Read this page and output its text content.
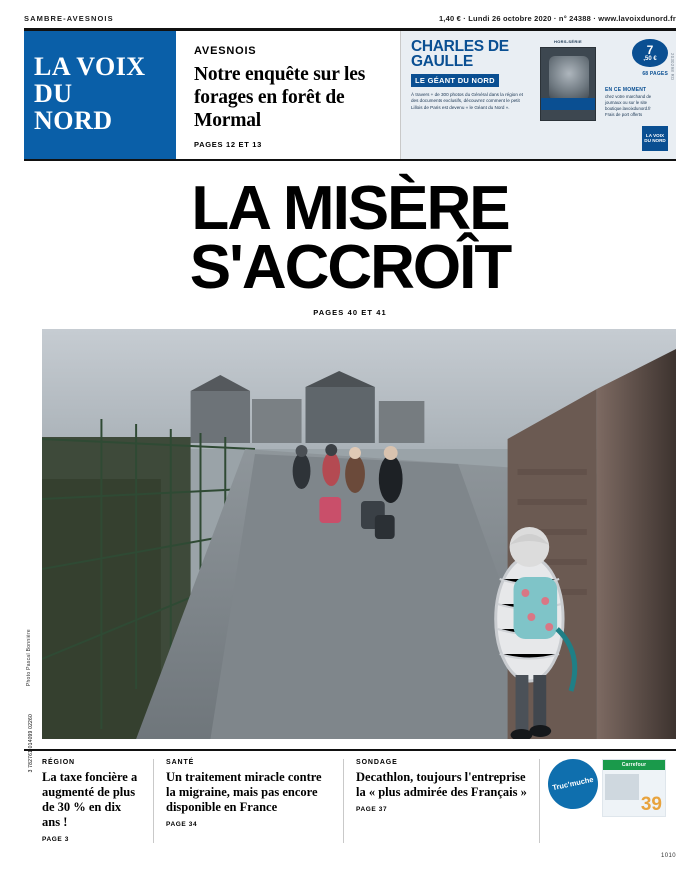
SAMBRE-AVESNOIS	1,40 € · Lundi 26 octobre 2020 · n° 24388 · www.lavoixdunord.fr
LA VOIX
DU
NORD
AVESNOIS
Notre enquête sur les forages en forêt de Mormal
PAGES 12 ET 13
CHARLES DE GAULLE
LE GÉANT DU NORD
À travers + de 300 photos du Général dans la région et des documents exclusifs, découvrez comment le petit Lillois de Paris est devenu « le Géant du Nord ».
HORS-SÉRIE
7
,50 €
68 PAGES
EN CE MOMENT
chez votre marchand de journaux ou sur le site boutique.lavoixdunord.fr
Frais de port offerts
LA VOIX DU NORD
2030298 RD
LA MISÈRE
S'ACCROÎT
PAGES 40 ET 41
Photo Pascal Bonnière
3 782761 014099 02260 RÉGION
La taxe foncière a augmenté de plus de 30 % en dix ans !
PAGE 3
SANTÉ
Un traitement miracle contre la migraine, mais pas encore disponible en France
PAGE 34
SONDAGE
Decathlon, toujours l'entreprise la « plus admirée des Français »
PAGE 37
Truc'muche
Carrefour
39
1010
